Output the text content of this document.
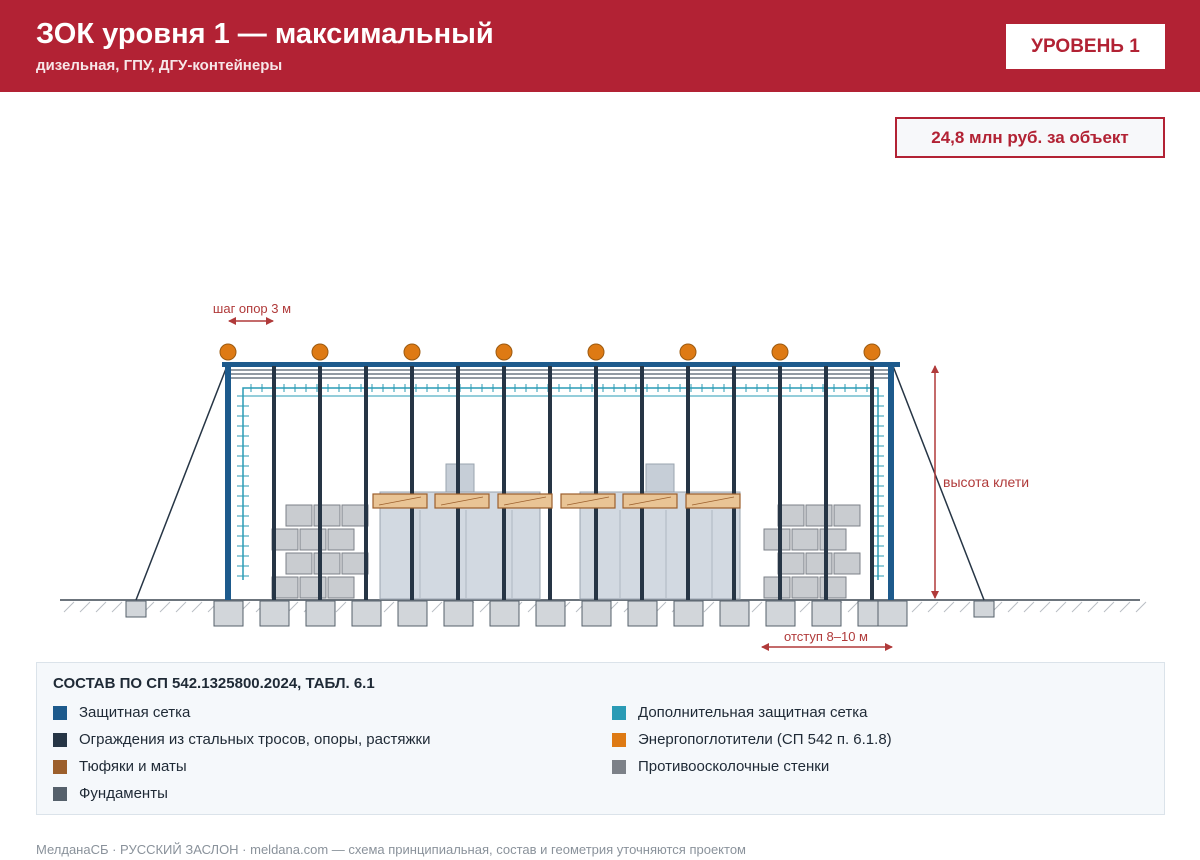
ЗОК уровня 1 — максимальный
дизельная, ГПУ, ДГУ-контейнеры
УРОВЕНЬ 1
24,8 млн руб. за объект
шаг опор 3 м
высота клети
отступ 8–10 м
СОСТАВ ПО СП 542.1325800.2024, ТАБЛ. 6.1
Защитная сетка	Дополнительная защитная сетка
Ограждения из стальных тросов, опоры, растяжки	Энергопоглотители (СП 542 п. 6.1.8)
Тюфяки и маты	Противоосколочные стенки
Фундаменты
МелданаСБ · РУССКИЙ ЗАСЛОН · meldana.com — схема принципиальная, состав и геометрия уточняются проектом
